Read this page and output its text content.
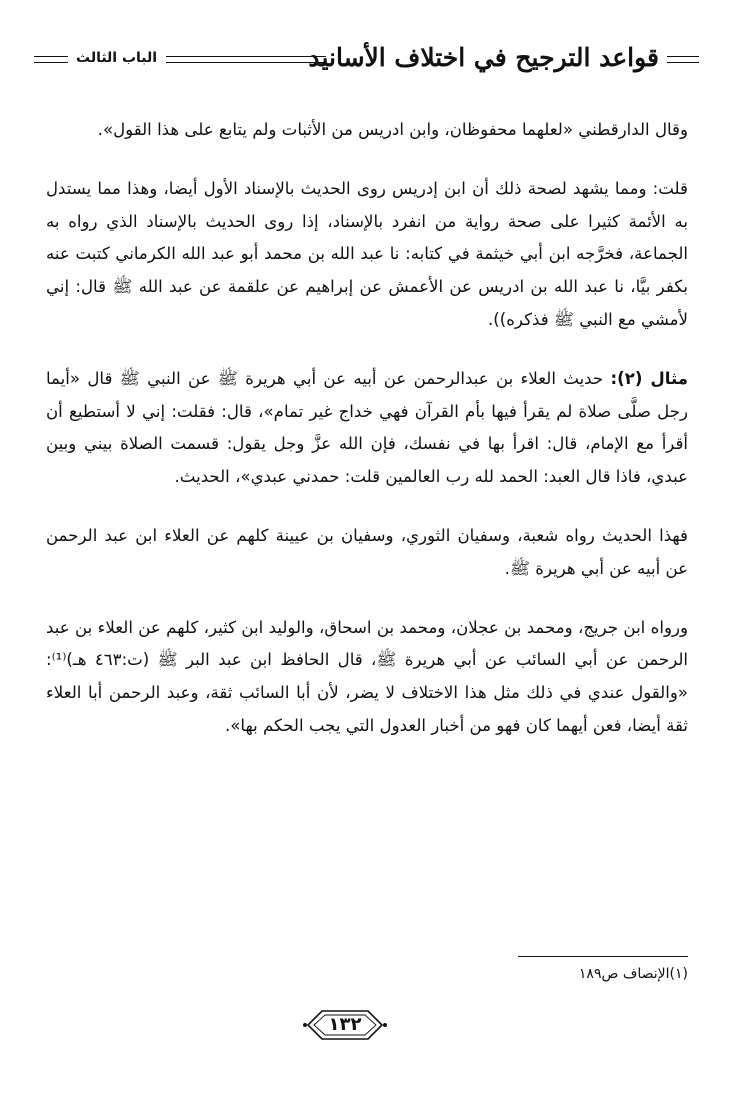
قواعد الترجيح في اختلاف الأسانيد
الباب الثالث

وقال الدارقطني «لعلهما محفوظان، وابن ادريس من الأثبات ولم يتابع على هذا القول».

قلت: ومما يشهد لصحة ذلك أن ابن إدريس روى الحديث بالإسناد الأول أيضا، وهذا مما يستدل به الأئمة كثيرا على صحة رواية من انفرد بالإسناد، إذا روى الحديث بالإسناد الذي رواه به الجماعة، فخرَّجه ابن أبي خيثمة في كتابه: نا عبد الله بن محمد أبو عبد الله الكرماني كتبت عنه بكفر بيَّا، نا عبد الله بن ادريس عن الأعمش عن إبراهيم عن علقمة عن عبد الله ﷺ قال: إني لأمشي مع النبي ﷺ فذكره)).

مثال (٢): حديث العلاء بن عبدالرحمن عن أبيه عن أبي هريرة ﷺ عن النبي ﷺ قال «أيما رجل صلَّى صلاة لم يقرأ فيها بأم القرآن فهي خداج غير تمام»، قال: فقلت: إني لا أستطيع أن أقرأ مع الإمام، قال: اقرأ بها في نفسك، فإن الله عزَّ وجل يقول: قسمت الصلاة بيني وبين عبدي، فاذا قال العبد: الحمد لله رب العالمين قلت: حمدني عبدي»، الحديث.

فهذا الحديث رواه شعبة، وسفيان الثوري، وسفيان بن عيينة كلهم عن العلاء ابن عبد الرحمن عن أبيه عن أبي هريرة ﷺ.

ورواه ابن جريج، ومحمد بن عجلان، ومحمد بن اسحاق، والوليد ابن كثير، كلهم عن العلاء بن عبد الرحمن عن أبي السائب عن أبي هريرة ﷺ، قال الحافظ ابن عبد البر ﷺ (ت:٤٦٣ هـ)⁽¹⁾: «والقول عندي في ذلك مثل هذا الاختلاف لا يضر، لأن أبا السائب ثقة، وعبد الرحمن أبا العلاء ثقة أيضا، فعن أيهما كان فهو من أخبار العدول التي يجب الحكم بها».

(١)الإنصاف ص١٨٩
١٣٢
